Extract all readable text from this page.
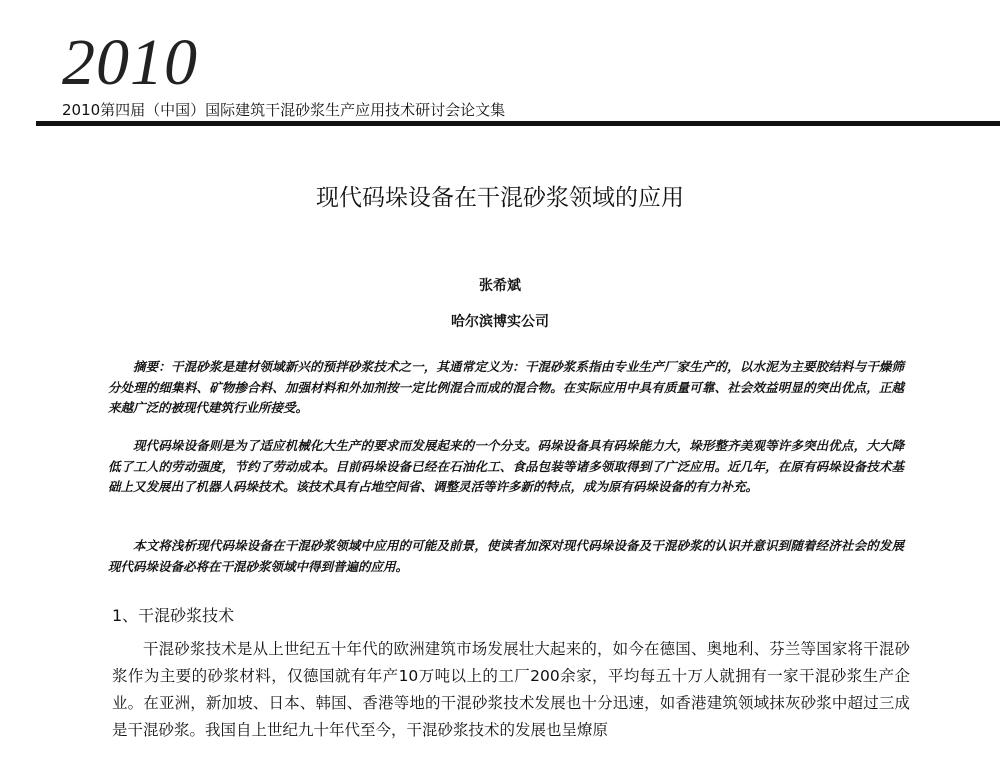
2010
2010第四届（中国）国际建筑干混砂浆生产应用技术研讨会论文集
现代码垛设备在干混砂浆领域的应用
张希斌
哈尔滨博实公司

摘要：干混砂浆是建材领域新兴的预拌砂浆技术之一，其通常定义为：干混砂浆系指由专业生产厂家生产的，以水泥为主要胶结料与干燥筛分处理的细集料、矿物掺合料、加强材料和外加剂按一定比例混合而成的混合物。在实际应用中具有质量可靠、社会效益明显的突出优点，正越来越广泛的被现代建筑行业所接受。

现代码垛设备则是为了适应机械化大生产的要求而发展起来的一个分支。码垛设备具有码垛能力大，垛形整齐美观等许多突出优点，大大降低了工人的劳动强度，节约了劳动成本。目前码垛设备已经在石油化工、食品包装等诸多领取得到了广泛应用。近几年，在原有码垛设备技术基础上又发展出了机器人码垛技术。该技术具有占地空间省、调整灵活等许多新的特点，成为原有码垛设备的有力补充。

本文将浅析现代码垛设备在干混砂浆领域中应用的可能及前景，使读者加深对现代码垛设备及干混砂浆的认识并意识到随着经济社会的发展现代码垛设备必将在干混砂浆领域中得到普遍的应用。

1、干混砂浆技术

干混砂浆技术是从上世纪五十年代的欧洲建筑市场发展壮大起来的，如今在德国、奥地利、芬兰等国家将干混砂浆作为主要的砂浆材料，仅德国就有年产10万吨以上的工厂200余家，平均每五十万人就拥有一家干混砂浆生产企业。在亚洲，新加坡、日本、韩国、香港等地的干混砂浆技术发展也十分迅速，如香港建筑领域抹灰砂浆中超过三成是干混砂浆。我国自上世纪九十年代至今，干混砂浆技术的发展也呈燎原
